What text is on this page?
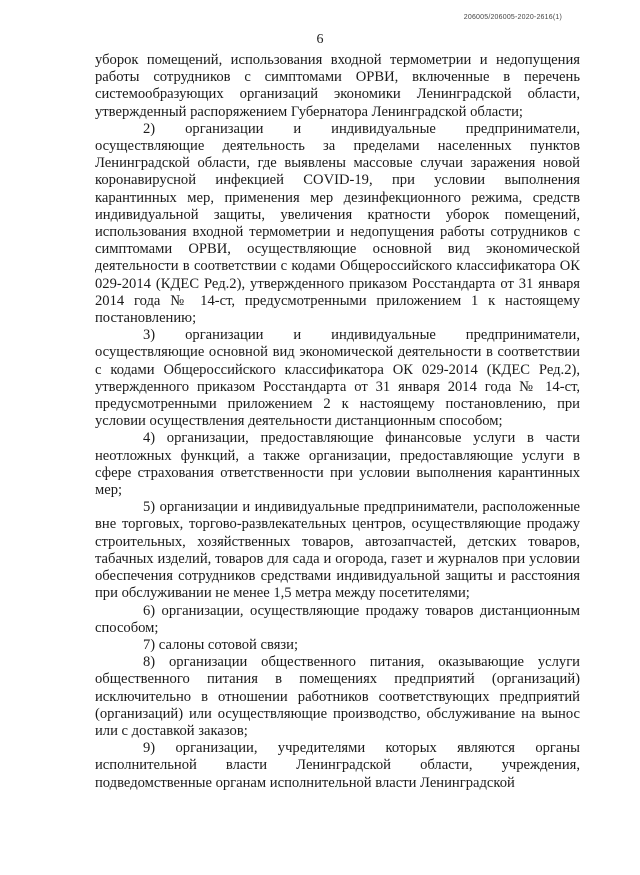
206005/206005-2020-2616(1)
6

уборок помещений, использования входной термометрии и недопущения работы сотрудников с симптомами ОРВИ, включенные в перечень системообразующих организаций экономики Ленинградской области, утвержденный распоряжением Губернатора Ленинградской области;

2) организации и индивидуальные предприниматели, осуществляющие деятельность за пределами населенных пунктов Ленинградской области, где выявлены массовые случаи заражения новой коронавирусной инфекцией COVID-19, при условии выполнения карантинных мер, применения мер дезинфекционного режима, средств индивидуальной защиты, увеличения кратности уборок помещений, использования входной термометрии и недопущения работы сотрудников с симптомами ОРВИ, осуществляющие основной вид экономической деятельности в соответствии с кодами Общероссийского классификатора ОК 029-2014 (КДЕС Ред.2), утвержденного приказом Росстандарта от 31 января 2014 года № 14-ст, предусмотренными приложением 1 к настоящему постановлению;

3) организации и индивидуальные предприниматели, осуществляющие основной вид экономической деятельности в соответствии с кодами Общероссийского классификатора ОК 029-2014 (КДЕС Ред.2), утвержденного приказом Росстандарта от 31 января 2014 года № 14-ст, предусмотренными приложением 2 к настоящему постановлению, при условии осуществления деятельности дистанционным способом;

4) организации, предоставляющие финансовые услуги в части неотложных функций, а также организации, предоставляющие услуги в сфере страхования ответственности при условии выполнения карантинных мер;

5) организации и индивидуальные предприниматели, расположенные вне торговых, торгово-развлекательных центров, осуществляющие продажу строительных, хозяйственных товаров, автозапчастей, детских товаров, табачных изделий, товаров для сада и огорода, газет и журналов при условии обеспечения сотрудников средствами индивидуальной защиты и расстояния при обслуживании не менее 1,5 метра между посетителями;

6) организации, осуществляющие продажу товаров дистанционным способом;

7) салоны сотовой связи;

8) организации общественного питания, оказывающие услуги общественного питания в помещениях предприятий (организаций) исключительно в отношении работников соответствующих предприятий (организаций) или осуществляющие производство, обслуживание на вынос или с доставкой заказов;

9) организации, учредителями которых являются органы исполнительной власти Ленинградской области, учреждения, подведомственные органам исполнительной власти Ленинградской
